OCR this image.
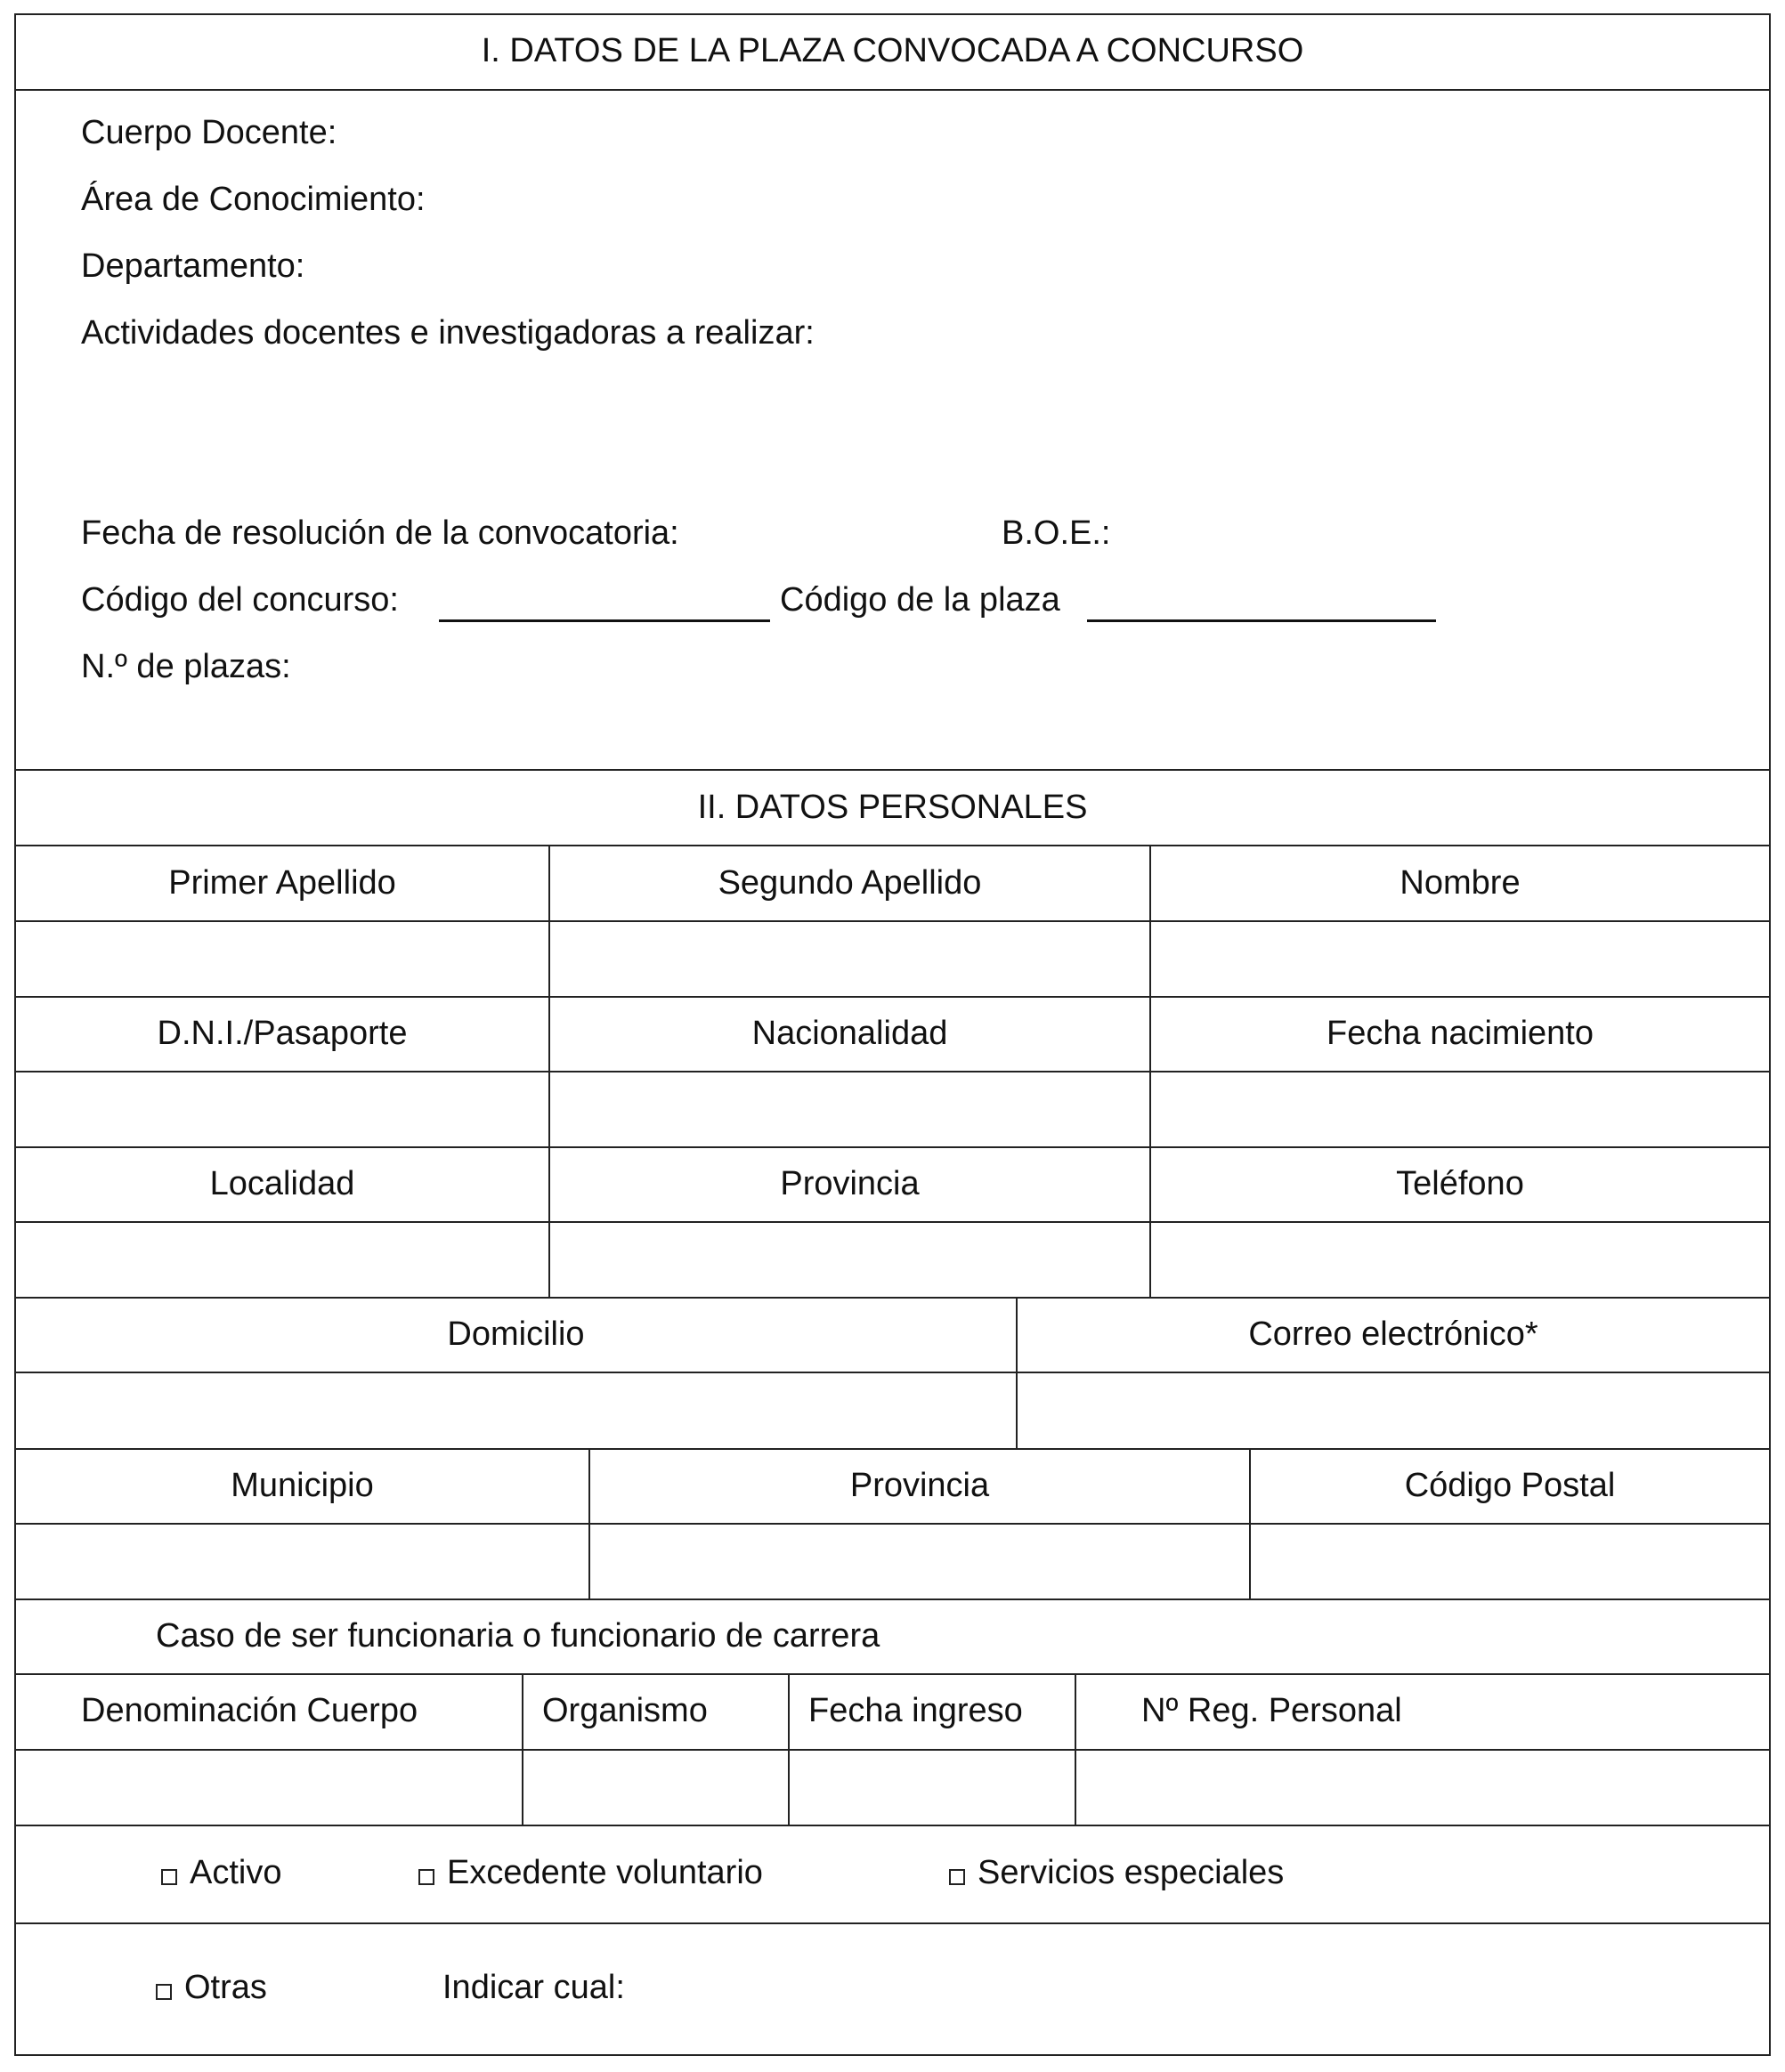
I. DATOS DE LA PLAZA CONVOCADA A CONCURSO
Cuerpo Docente:
Área de Conocimiento:
Departamento:
Actividades docentes e investigadoras a realizar:
Fecha de resolución de la convocatoria:	B.O.E.:
Código del concurso:	Código de la plaza
N.º de plazas:
II. DATOS PERSONALES
Primer Apellido	Segundo Apellido	Nombre
D.N.I./Pasaporte	Nacionalidad	Fecha nacimiento
Localidad	Provincia	Teléfono
Domicilio	Correo electrónico*
Municipio	Provincia	Código Postal
Caso de ser funcionaria o funcionario de carrera
Denominación Cuerpo	Organismo	Fecha ingreso	Nº Reg. Personal
Activo	Excedente voluntario	Servicios especiales
Otras	Indicar cual:
